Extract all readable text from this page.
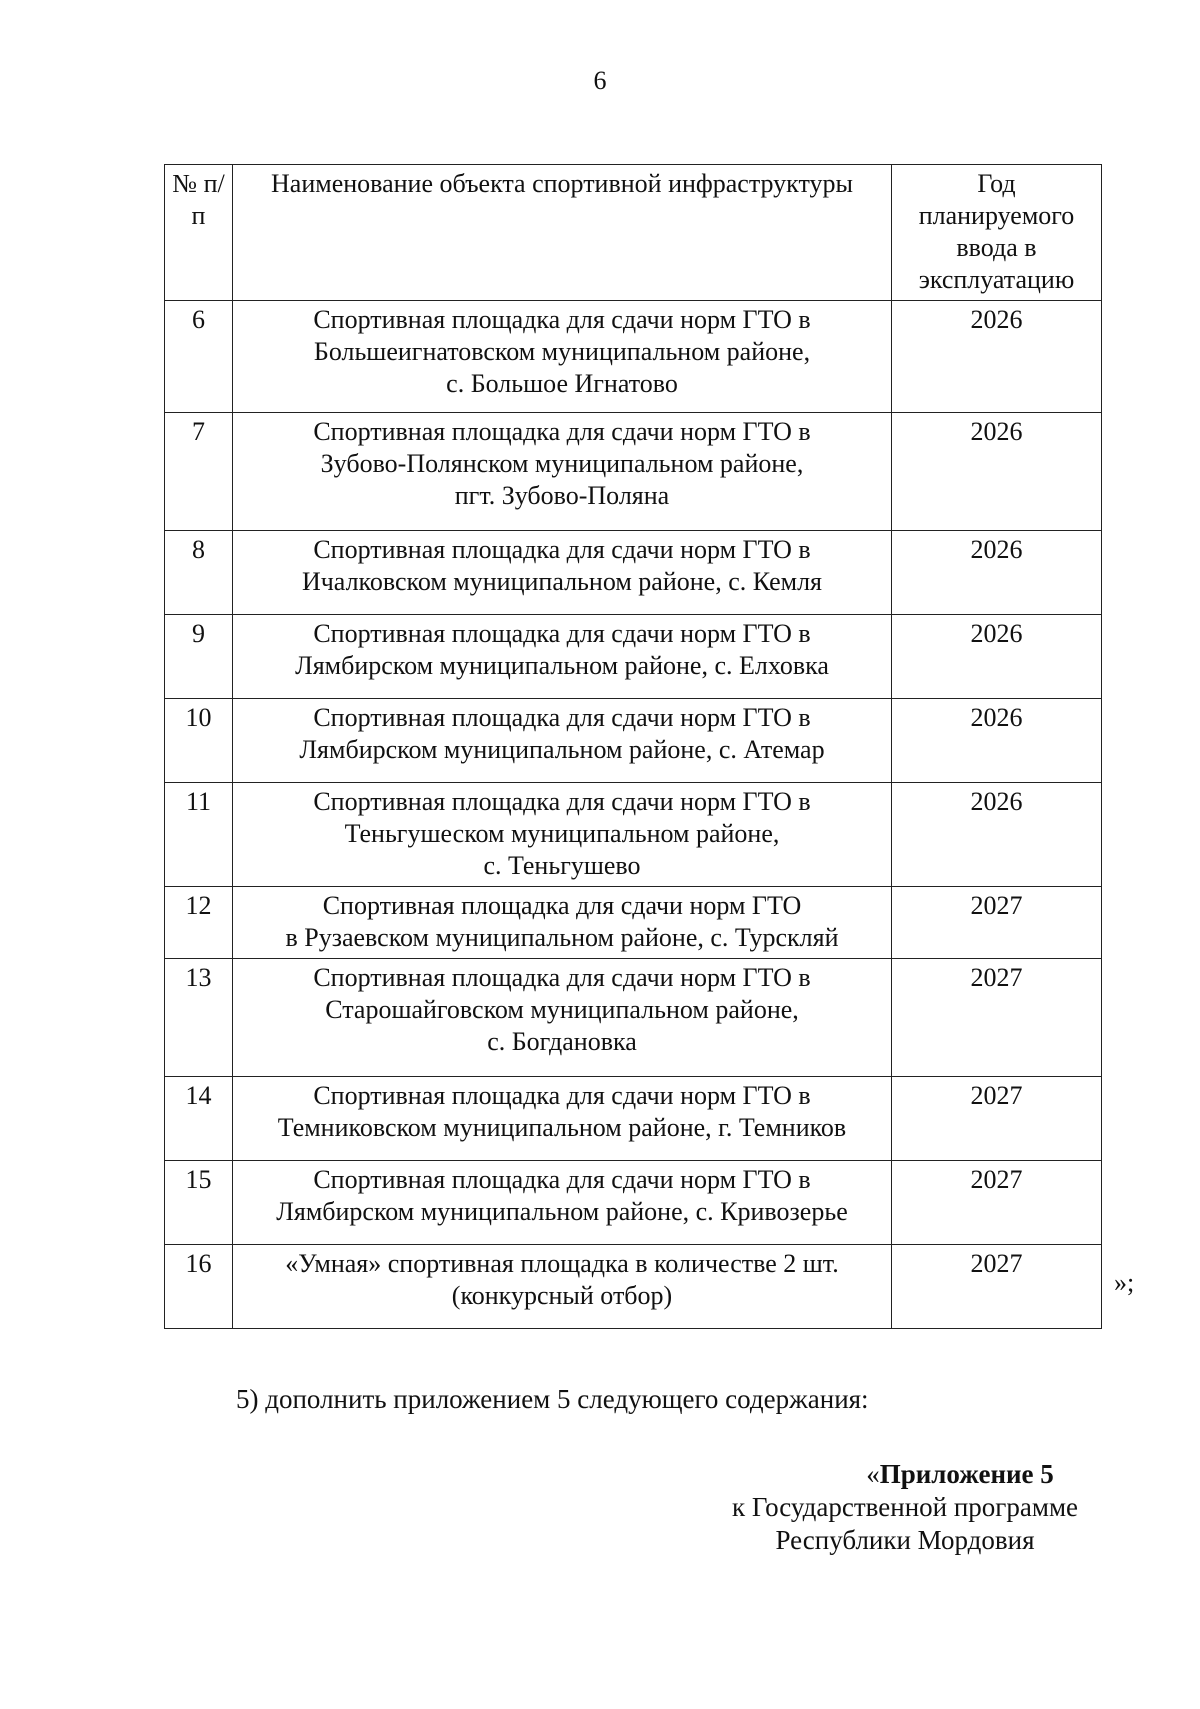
6
№ п/п	Наименование объекта спортивной инфраструктуры	Год планируемого ввода в эксплуатацию
6	Спортивная площадка для сдачи норм ГТО в
Большеигнатовском муниципальном районе,
с. Большое Игнатово	2026
7	Спортивная площадка для сдачи норм ГТО в
Зубово-Полянском муниципальном районе,
пгт. Зубово-Поляна	2026
8	Спортивная площадка для сдачи норм ГТО в
Ичалковском муниципальном районе, с. Кемля	2026
9	Спортивная площадка для сдачи норм ГТО в
Лямбирском муниципальном районе, с. Елховка	2026
10	Спортивная площадка для сдачи норм ГТО в
Лямбирском муниципальном районе, с. Атемар	2026
11	Спортивная площадка для сдачи норм ГТО в
Теньгушеском муниципальном районе,
с. Теньгушево	2026
12	Спортивная площадка для сдачи норм ГТО
в Рузаевском муниципальном районе, с. Турскляй	2027
13	Спортивная площадка для сдачи норм ГТО в
Старошайговском муниципальном районе,
с. Богдановка	2027
14	Спортивная площадка для сдачи норм ГТО в
Темниковском муниципальном районе, г. Темников	2027
15	Спортивная площадка для сдачи норм ГТО в
Лямбирском муниципальном районе, с. Кривозерье	2027
16	«Умная» спортивная площадка в количестве 2 шт.
(конкурсный отбор)	2027
»;
5) дополнить приложением 5 следующего содержания:
«Приложение 5
к Государственной программе
Республики Мордовия
